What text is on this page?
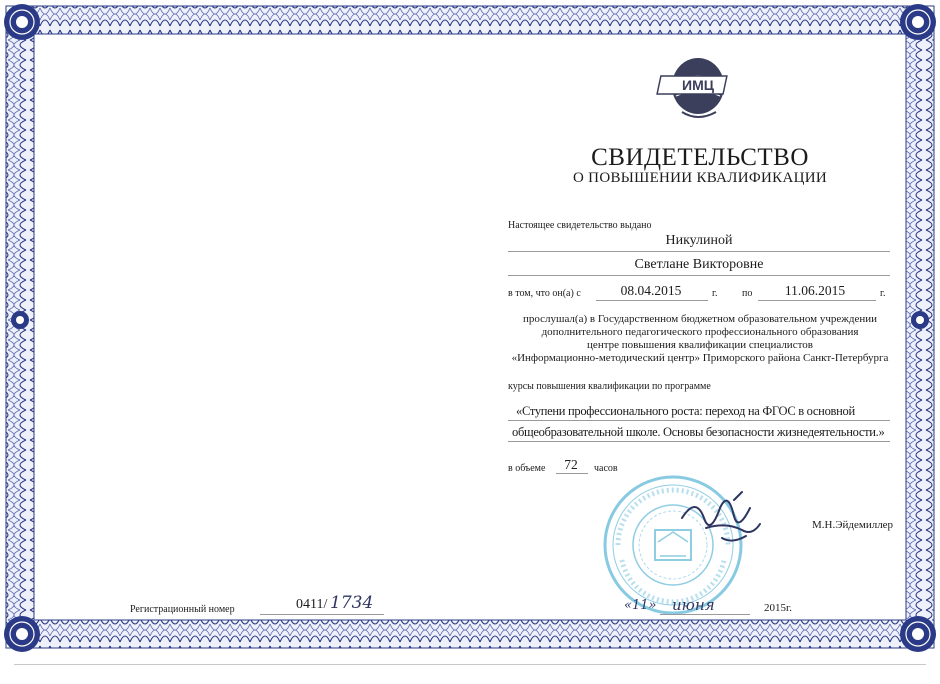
ИМЦ
СВИДЕТЕЛЬСТВО
О ПОВЫШЕНИИ КВАЛИФИКАЦИИ
Настоящее свидетельство выдано
Никулиной
Светлане Викторовне
в том, что он(а) с	08.04.2015	г. по	11.06.2015	г.
прослушал(а) в Государственном бюджетном образовательном учреждении
дополнительного педагогического профессионального образования
центре повышения квалификации специалистов
«Информационно-методический центр» Приморского района Санкт-Петербурга
курсы повышения квалификации по программе
«Ступени профессионального роста: переход на ФГОС в основной
общеобразовательной школе. Основы безопасности жизнедеятельности.»
в объеме	72	часов
М.Н.Эйдемиллер
Регистрационный номер	0411/ 1734	«11» июня	2015г.
